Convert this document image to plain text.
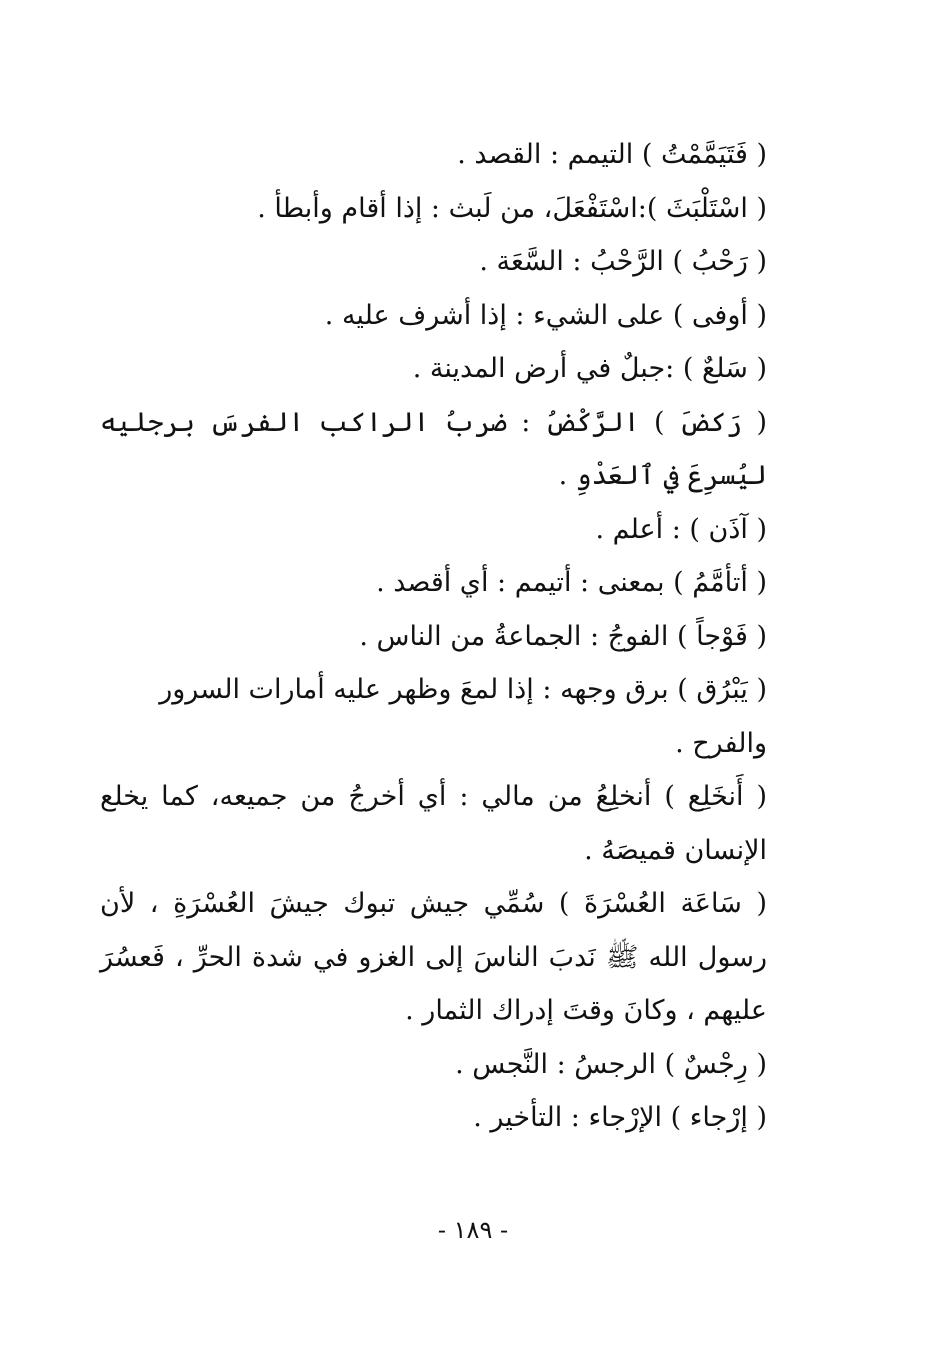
( فَتَيَمَّمْتُ ) التيمم : القصد .

( اسْتَلْبَثَ ):اسْتَفْعَلَ، من لَبث : إذا أقام وأبطأ .

( رَحْبُ ) الرَّحْبُ : السَّعَة .

( أوفى ) على الشيء : إذا أشرف عليه .

( سَلعٌ ) :جبلٌ في أرض المدينة .

( رَكضَ ) الرَّكْضُ : ضربُ الراكب الفرسَ برجليه ليُسرِعَ في ٱلعَدْوِ .

( آذَن ) : أعلم .

( أتأمَّمُ ) بمعنى : أتيمم : أي أقصد .

( فَوْجاً ) الفوجُ : الجماعةُ من الناس .

( يَبْرُق ) برق وجهه : إذا لمعَ وظهر عليه أمارات السرور والفرح .

( أَنخَلِع ) أنخلِعُ من مالي : أي أخرجُ من جميعه، كما يخلع الإنسان قميصَهُ .

( سَاعَة العُسْرَةَ ) سُمِّي جيش تبوك جيشَ العُسْرَةِ ، لأن رسول الله ﷺ نَدبَ الناسَ إلى الغزو في شدة الحرِّ ، فَعسُرَ عليهم ، وكانَ وقتَ إدراك الثمار .

( رِجْسٌ ) الرجسُ : النَّجس .

( إرْجاء ) الإرْجاء : التأخير .

- ١٨٩ -
